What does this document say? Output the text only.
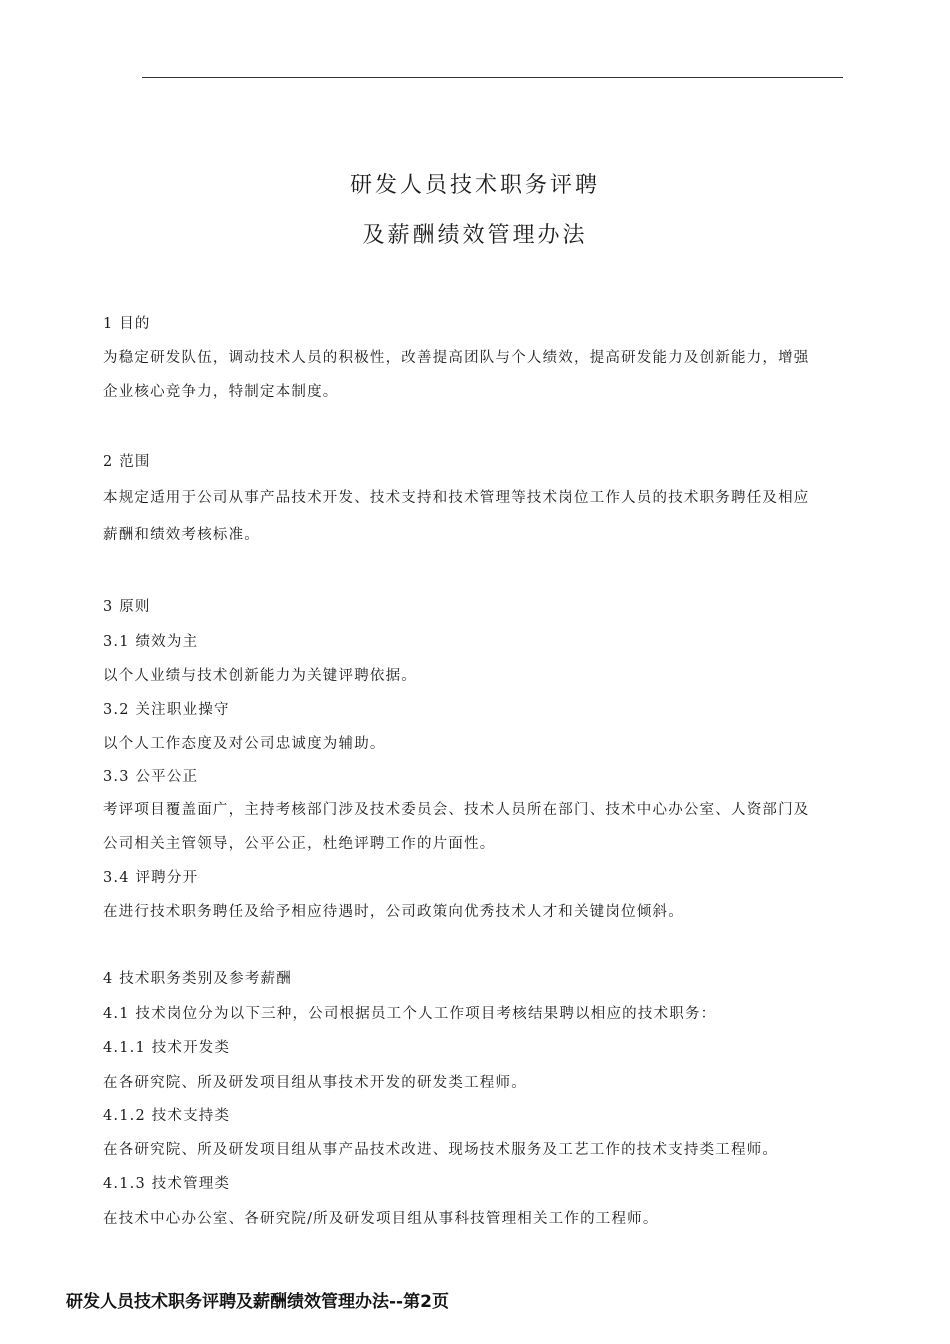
研发人员技术职务评聘
及薪酬绩效管理办法
1 目的
为稳定研发队伍，调动技术人员的积极性，改善提高团队与个人绩效，提高研发能力及创新能力，增强
企业核心竞争力，特制定本制度。
2 范围
本规定适用于公司从事产品技术开发、技术支持和技术管理等技术岗位工作人员的技术职务聘任及相应
薪酬和绩效考核标准。
3 原则
3.1 绩效为主
以个人业绩与技术创新能力为关键评聘依据。
3.2 关注职业操守
以个人工作态度及对公司忠诚度为辅助。
3.3 公平公正
考评项目覆盖面广，主持考核部门涉及技术委员会、技术人员所在部门、技术中心办公室、人资部门及
公司相关主管领导，公平公正，杜绝评聘工作的片面性。
3.4 评聘分开
在进行技术职务聘任及给予相应待遇时，公司政策向优秀技术人才和关键岗位倾斜。
4 技术职务类别及参考薪酬
4.1 技术岗位分为以下三种，公司根据员工个人工作项目考核结果聘以相应的技术职务：
4.1.1 技术开发类
在各研究院、所及研发项目组从事技术开发的研发类工程师。
4.1.2 技术支持类
在各研究院、所及研发项目组从事产品技术改进、现场技术服务及工艺工作的技术支持类工程师。
4.1.3 技术管理类
在技术中心办公室、各研究院/所及研发项目组从事科技管理相关工作的工程师。
研发人员技术职务评聘及薪酬绩效管理办法--第2页
